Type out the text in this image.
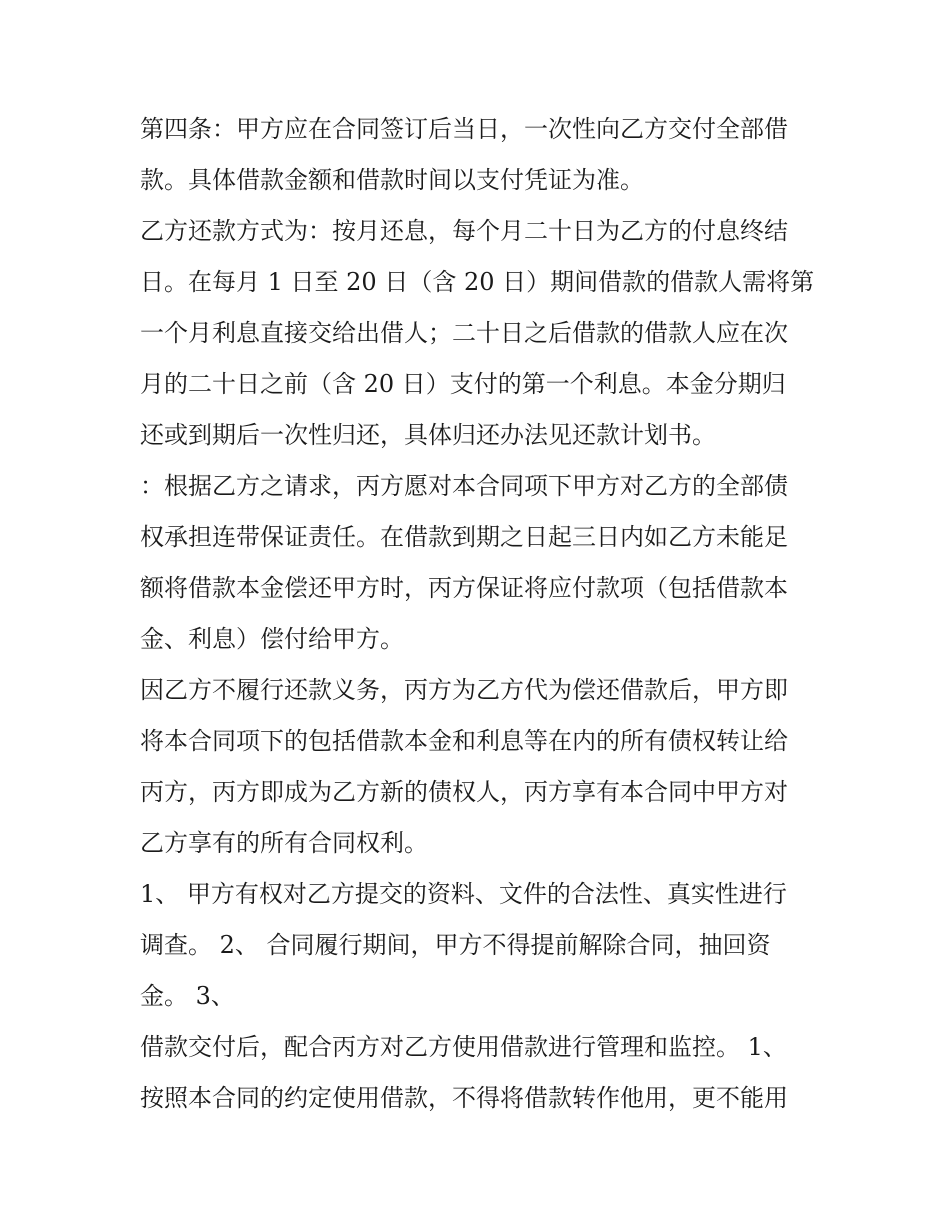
第四条：甲方应在合同签订后当日，一次性向乙方交付全部借
款。具体借款金额和借款时间以支付凭证为准。
乙方还款方式为：按月还息，每个月二十日为乙方的付息终结
日。在每月 1 日至 20 日（含 20 日）期间借款的借款人需将第
一个月利息直接交给出借人；二十日之后借款的借款人应在次
月的二十日之前（含 20 日）支付的第一个利息。本金分期归
还或到期后一次性归还，具体归还办法见还款计划书。
：根据乙方之请求，丙方愿对本合同项下甲方对乙方的全部债
权承担连带保证责任。在借款到期之日起三日内如乙方未能足
额将借款本金偿还甲方时，丙方保证将应付款项（包括借款本
金、利息）偿付给甲方。
因乙方不履行还款义务，丙方为乙方代为偿还借款后，甲方即
将本合同项下的包括借款本金和利息等在内的所有债权转让给
丙方，丙方即成为乙方新的债权人，丙方享有本合同中甲方对
乙方享有的所有合同权利。
1、 甲方有权对乙方提交的资料、文件的合法性、真实性进行
调查。 2、 合同履行期间，甲方不得提前解除合同，抽回资
金。 3、
借款交付后，配合丙方对乙方使用借款进行管理和监控。 1、
按照本合同的约定使用借款，不得将借款转作他用，更不能用
